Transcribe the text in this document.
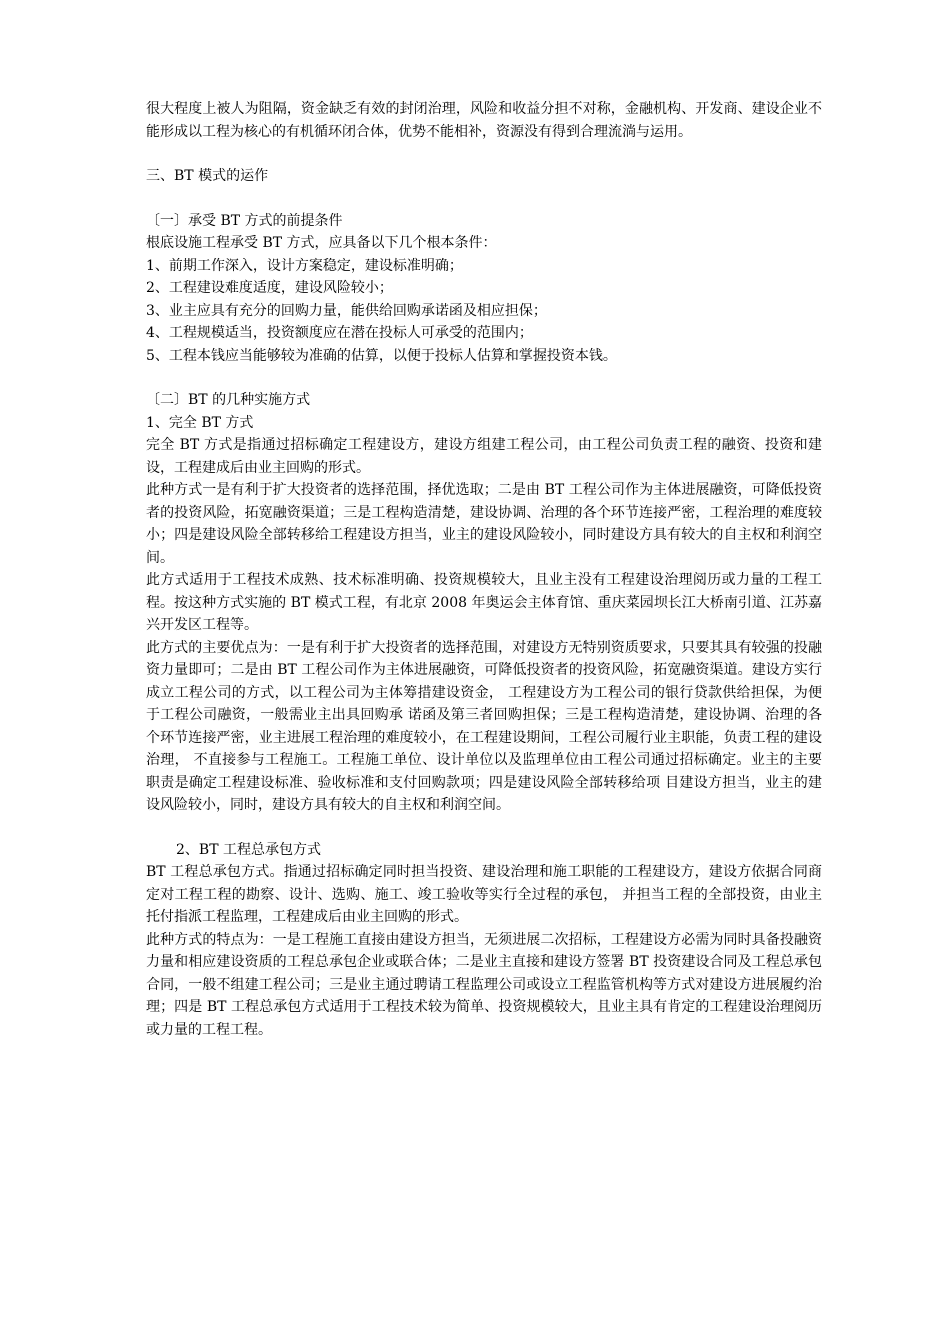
很大程度上被人为阻隔，资金缺乏有效的封闭治理，风险和收益分担不对称，金融机构、开发商、建设企业不能形成以工程为核心的有机循环闭合体，优势不能相补，资源没有得到合理流淌与运用。

三、BT 模式的运作

〔一〕承受 BT 方式的前提条件

根底设施工程承受 BT 方式，应具备以下几个根本条件：

1、前期工作深入，设计方案稳定，建设标准明确；

2、工程建设难度适度，建设风险较小；

3、业主应具有充分的回购力量，能供给回购承诺函及相应担保；

4、工程规模适当，投资额度应在潜在投标人可承受的范围内；

5、工程本钱应当能够较为准确的估算，以便于投标人估算和掌握投资本钱。

〔二〕BT 的几种实施方式

1、完全 BT 方式

完全 BT 方式是指通过招标确定工程建设方，建设方组建工程公司，由工程公司负责工程的融资、投资和建设，工程建成后由业主回购的形式。

此种方式一是有利于扩大投资者的选择范围，择优选取；二是由 BT 工程公司作为主体进展融资，可降低投资者的投资风险，拓宽融资渠道；三是工程构造清楚，建设协调、治理的各个环节连接严密，工程治理的难度较小；四是建设风险全部转移给工程建设方担当，业主的建设风险较小，同时建设方具有较大的自主权和利润空间。

此方式适用于工程技术成熟、技术标准明确、投资规模较大，且业主没有工程建设治理阅历或力量的工程工程。按这种方式实施的 BT 模式工程，有北京 2008 年奥运会主体育馆、重庆菜园坝长江大桥南引道、江苏嘉兴开发区工程等。

此方式的主要优点为：一是有利于扩大投资者的选择范围，对建设方无特别资质要求，只要其具有较强的投融资力量即可；二是由 BT 工程公司作为主体进展融资，可降低投资者的投资风险，拓宽融资渠道。建设方实行成立工程公司的方式，以工程公司为主体筹措建设资金， 工程建设方为工程公司的银行贷款供给担保，为便于工程公司融资，一般需业主出具回购承 诺函及第三者回购担保；三是工程构造清楚，建设协调、治理的各个环节连接严密，业主进展工程治理的难度较小，在工程建设期间，工程公司履行业主职能，负责工程的建设治理， 不直接参与工程施工。工程施工单位、设计单位以及监理单位由工程公司通过招标确定。业主的主要职责是确定工程建设标准、验收标准和支付回购款项；四是建设风险全部转移给项 目建设方担当，业主的建设风险较小，同时，建设方具有较大的自主权和利润空间。

2、BT 工程总承包方式

BT 工程总承包方式。指通过招标确定同时担当投资、建设治理和施工职能的工程建设方，建设方依据合同商定对工程工程的勘察、设计、选购、施工、竣工验收等实行全过程的承包， 并担当工程的全部投资，由业主托付指派工程监理，工程建成后由业主回购的形式。

此种方式的特点为：一是工程施工直接由建设方担当，无须进展二次招标，工程建设方必需为同时具备投融资力量和相应建设资质的工程总承包企业或联合体；二是业主直接和建设方签署 BT 投资建设合同及工程总承包合同，一般不组建工程公司；三是业主通过聘请工程监理公司或设立工程监管机构等方式对建设方进展履约治理；四是 BT 工程总承包方式适用于工程技术较为简单、投资规模较大，且业主具有肯定的工程建设治理阅历或力量的工程工程。
